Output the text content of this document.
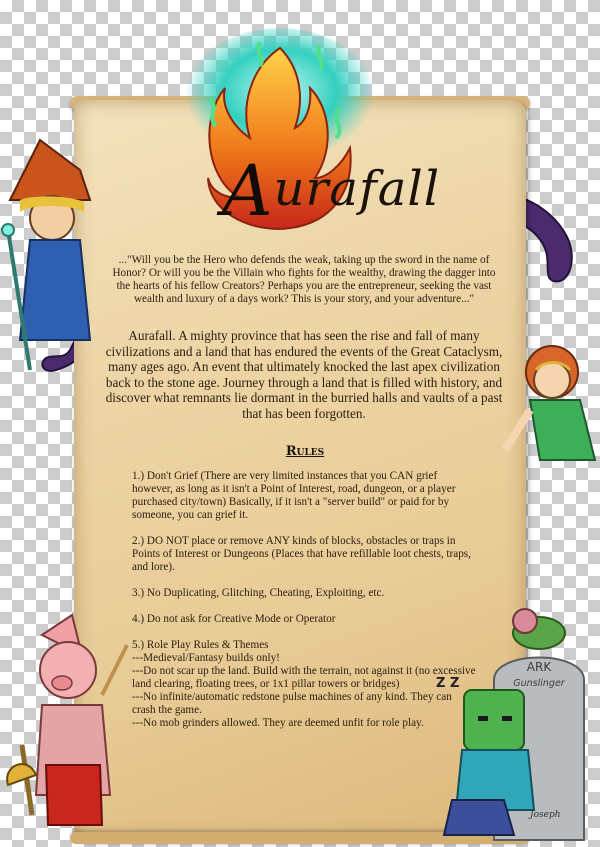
Aurafall
ARK
Gunslinger
Z Z
Joseph
..."Will you be the Hero who defends the weak, taking up the sword in the name of Honor? Or will you be the Villain who fights for the wealthy, drawing the dagger into the hearts of his fellow Creators? Perhaps you are the entrepreneur, seeking the vast wealth and luxury of a days work? This is your story, and your adventure..."
Aurafall. A mighty province that has seen the rise and fall of many civilizations and a land that has endured the events of the Great Cataclysm, many ages ago. An event that ultimately knocked the last apex civilization back to the stone age. Journey through a land that is filled with history, and discover what remnants lie dormant in the burried halls and vaults of a past that has been forgotten.
Rules
1.) Don't Grief (There are very limited instances that you CAN grief however, as long as it isn't a Point of Interest, road, dungeon, or a player purchased city/town) Basically, if it isn't a "server build" or paid for by someone, you can grief it.
2.) DO NOT place or remove ANY kinds of blocks, obstacles or traps in Points of Interest or Dungeons (Places that have refillable loot chests, traps, and lore).
3.) No Duplicating, Glitching, Cheating, Exploiting, etc.
4.) Do not ask for Creative Mode or Operator
5.) Role Play Rules & Themes
---Medieval/Fantasy builds only!
---Do not scar up the land. Build with the terrain, not against it (no excessive land clearing, floating trees, or 1x1 pillar towers or bridges)
---No infinite/automatic redstone pulse machines of any kind. They can crash the game.
---No mob grinders allowed. They are deemed unfit for role play.
